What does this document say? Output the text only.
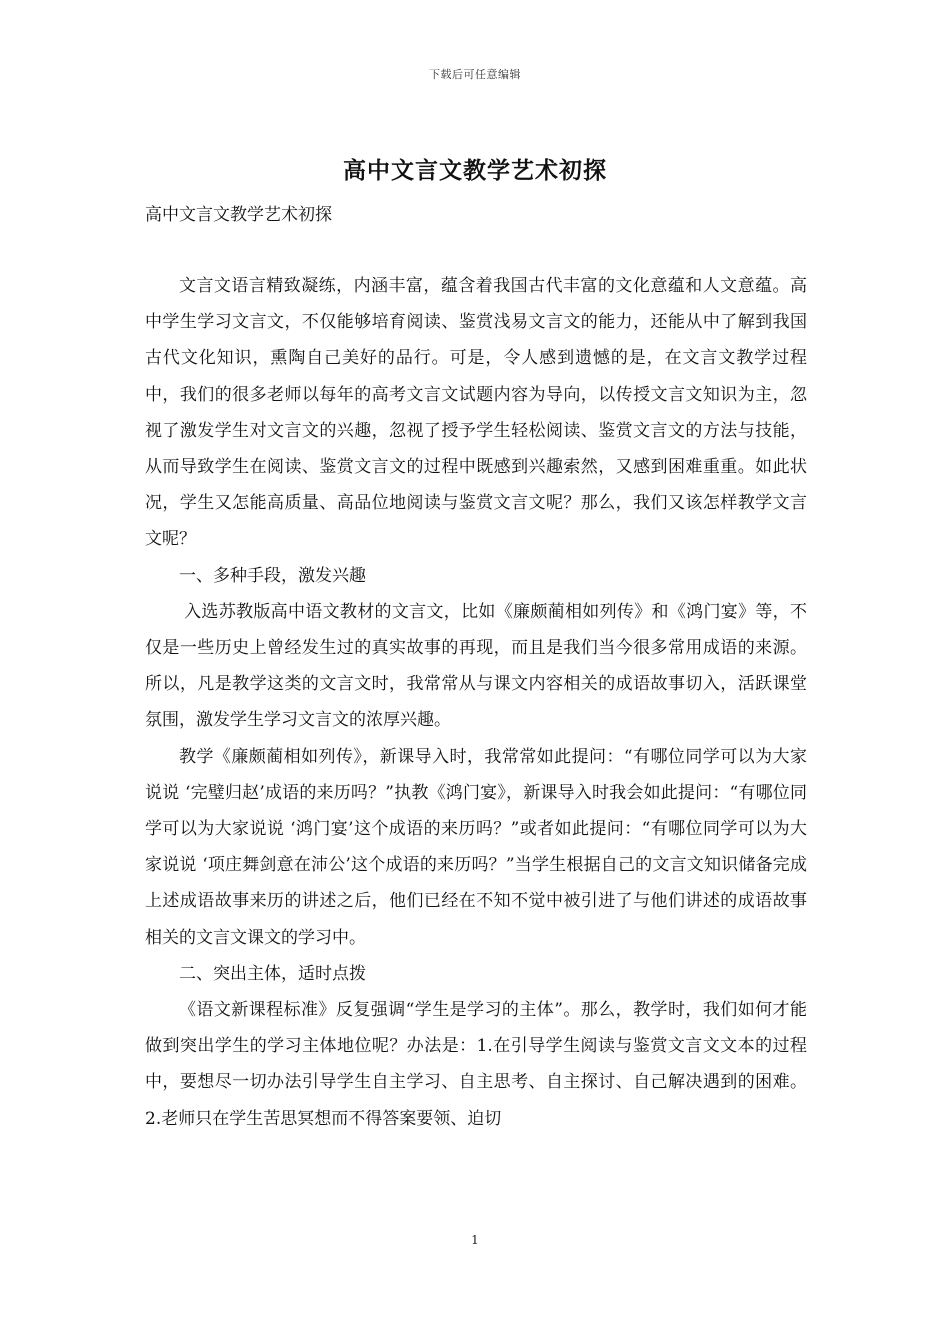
下载后可任意编辑
高中文言文教学艺术初探
高中文言文教学艺术初探

文言文语言精致凝练，内涵丰富，蕴含着我国古代丰富的文化意蕴和人文意蕴。高中学生学习文言文，不仅能够培育阅读、鉴赏浅易文言文的能力，还能从中了解到我国古代文化知识，熏陶自己美好的品行。可是，令人感到遗憾的是，在文言文教学过程中，我们的很多老师以每年的高考文言文试题内容为导向，以传授文言文知识为主，忽视了激发学生对文言文的兴趣，忽视了授予学生轻松阅读、鉴赏文言文的方法与技能，从而导致学生在阅读、鉴赏文言文的过程中既感到兴趣索然，又感到困难重重。如此状况，学生又怎能高质量、高品位地阅读与鉴赏文言文呢？那么，我们又该怎样教学文言文呢？

一、多种手段，激发兴趣

入选苏教版高中语文教材的文言文，比如《廉颇蔺相如列传》和《鸿门宴》等，不仅是一些历史上曾经发生过的真实故事的再现，而且是我们当今很多常用成语的来源。所以，凡是教学这类的文言文时，我常常从与课文内容相关的成语故事切入，活跃课堂氛围，激发学生学习文言文的浓厚兴趣。

教学《廉颇蔺相如列传》，新课导入时，我常常如此提问：“有哪位同学可以为大家说说 ‘完璧归赵’成语的来历吗？”执教《鸿门宴》，新课导入时我会如此提问：“有哪位同学可以为大家说说 ‘鸿门宴’这个成语的来历吗？”或者如此提问：“有哪位同学可以为大家说说 ‘项庄舞剑意在沛公’这个成语的来历吗？”当学生根据自己的文言文知识储备完成上述成语故事来历的讲述之后，他们已经在不知不觉中被引进了与他们讲述的成语故事相关的文言文课文的学习中。

二、突出主体，适时点拨

《语文新课程标准》反复强调“学生是学习的主体”。那么，教学时，我们如何才能做到突出学生的学习主体地位呢？办法是：1.在引导学生阅读与鉴赏文言文文本的过程中，要想尽一切办法引导学生自主学习、自主思考、自主探讨、自己解决遇到的困难。2.老师只在学生苦思冥想而不得答案要领、迫切

1
